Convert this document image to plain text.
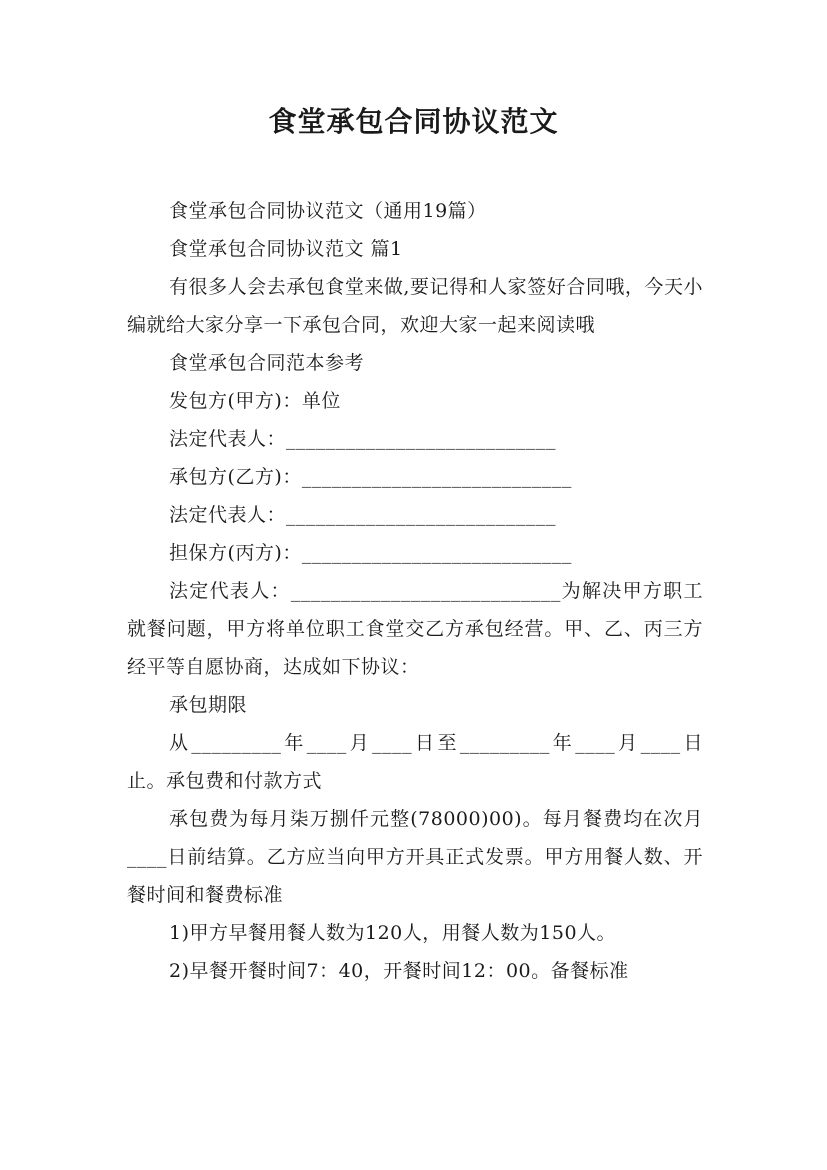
食堂承包合同协议范文

食堂承包合同协议范文（通用19篇）

食堂承包合同协议范文 篇1

有很多人会去承包食堂来做,要记得和人家签好合同哦，今天小编就给大家分享一下承包合同，欢迎大家一起来阅读哦

食堂承包合同范本参考

发包方(甲方)：单位

法定代表人：___________________________

承包方(乙方)：___________________________

法定代表人：___________________________

担保方(丙方)：___________________________

法定代表人：___________________________为解决甲方职工就餐问题，甲方将单位职工食堂交乙方承包经营。甲、乙、丙三方经平等自愿协商，达成如下协议：

承包期限

从_________年____月____日至_________年____月____日止。承包费和付款方式

承包费为每月柒万捌仟元整(78000)00)。每月餐费均在次月____日前结算。乙方应当向甲方开具正式发票。甲方用餐人数、开餐时间和餐费标准

1)甲方早餐用餐人数为120人，用餐人数为150人。

2)早餐开餐时间7：40，开餐时间12：00。备餐标准
